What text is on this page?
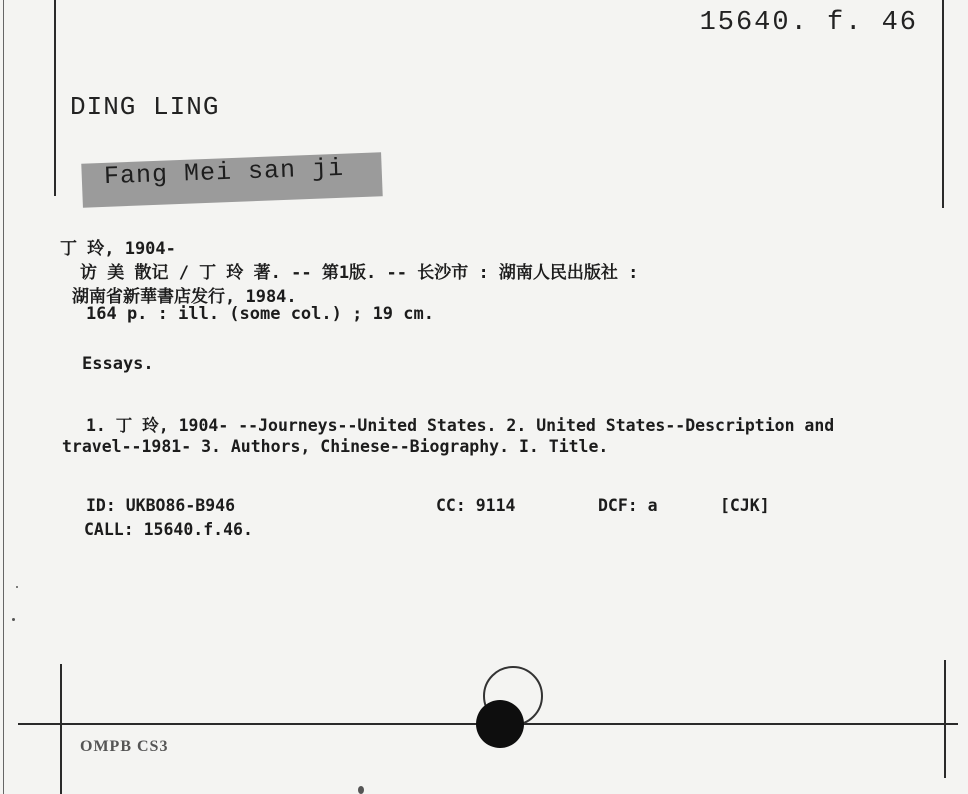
15640. f. 46
DING LING
Fang Mei san ji
丁 玲, 1904-
访 美 散记 / 丁 玲 著. -- 第1版. -- 长沙市 : 湖南人民出版社 :
湖南省新華書店发行, 1984.
164 p. : ill. (some col.) ; 19 cm.
Essays.
1. 丁 玲, 1904- --Journeys--United States. 2. United States--Description and
travel--1981- 3. Authors, Chinese--Biography. I. Title.
ID: UKBO86-B946	CC: 9114	DCF: a	[CJK]
CALL: 15640.f.46.
OMPB CS3
